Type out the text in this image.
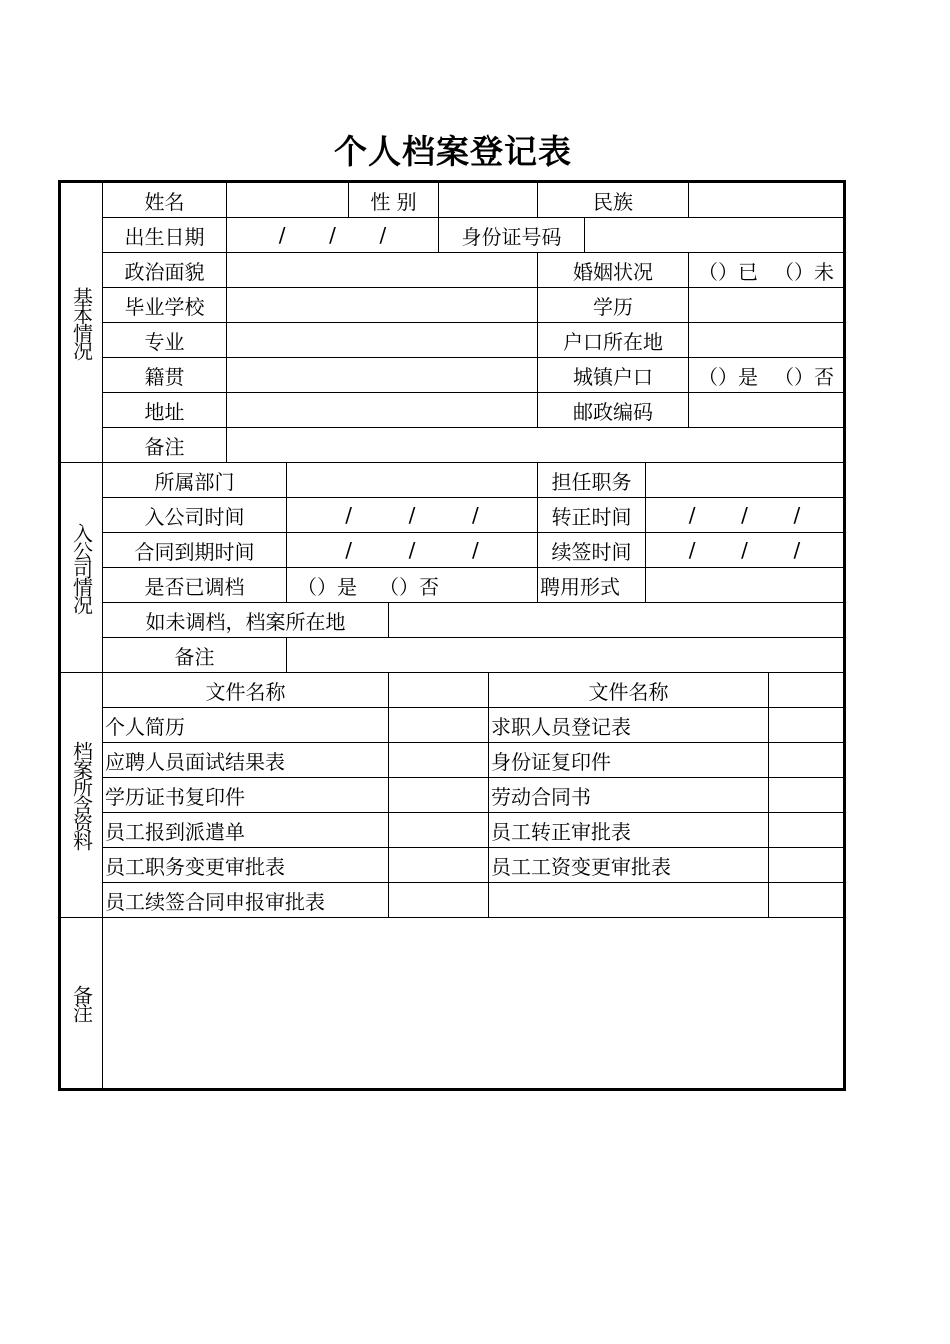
个人档案登记表
基本情况
入公司情况
档案所含资料
备注
姓名	性 别	民族
出生日期	/ / /	身份证号码
政治面貌	婚姻状况	（）已 （）未
毕业学校	学历
专业	户口所在地
籍贯	城镇户口	（）是 （）否
地址	邮政编码
备注
所属部门	担任职务
入公司时间	/	/	/	转正时间	/ / /
合同到期时间	/	/	/	续签时间	/ / /
是否已调档	（）是 （）否	聘用形式
如未调档，档案所在地
备注
文件名称	文件名称
个人简历	求职人员登记表
应聘人员面试结果表	身份证复印件
学历证书复印件	劳动合同书
员工报到派遣单	员工转正审批表
员工职务变更审批表	员工工资变更审批表
员工续签合同申报审批表
